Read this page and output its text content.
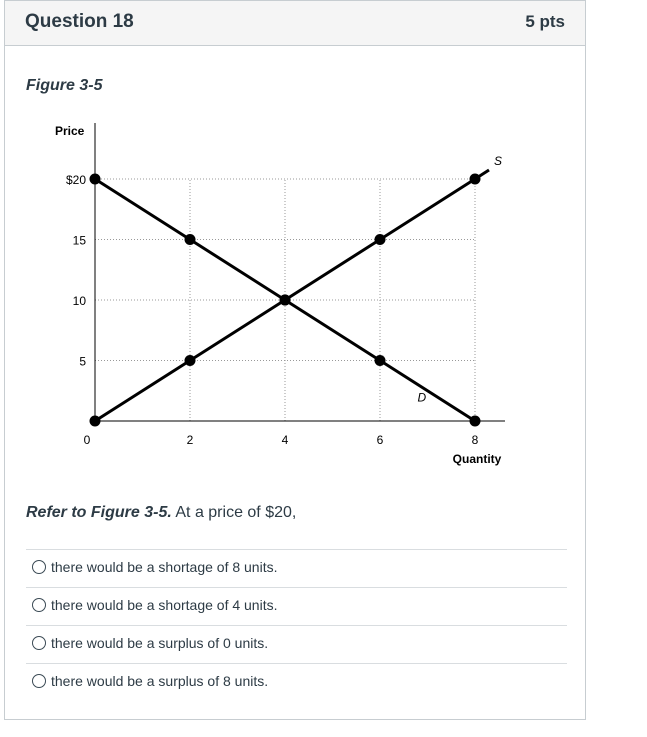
Question 18	5 pts
Figure 3-5
Price
Quantity
5
10
15
$20
0	2	4	6	8
S
D
Refer to Figure 3-5. At a price of $20,
there would be a shortage of 8 units.
there would be a shortage of 4 units.
there would be a surplus of 0 units.
there would be a surplus of 8 units.
